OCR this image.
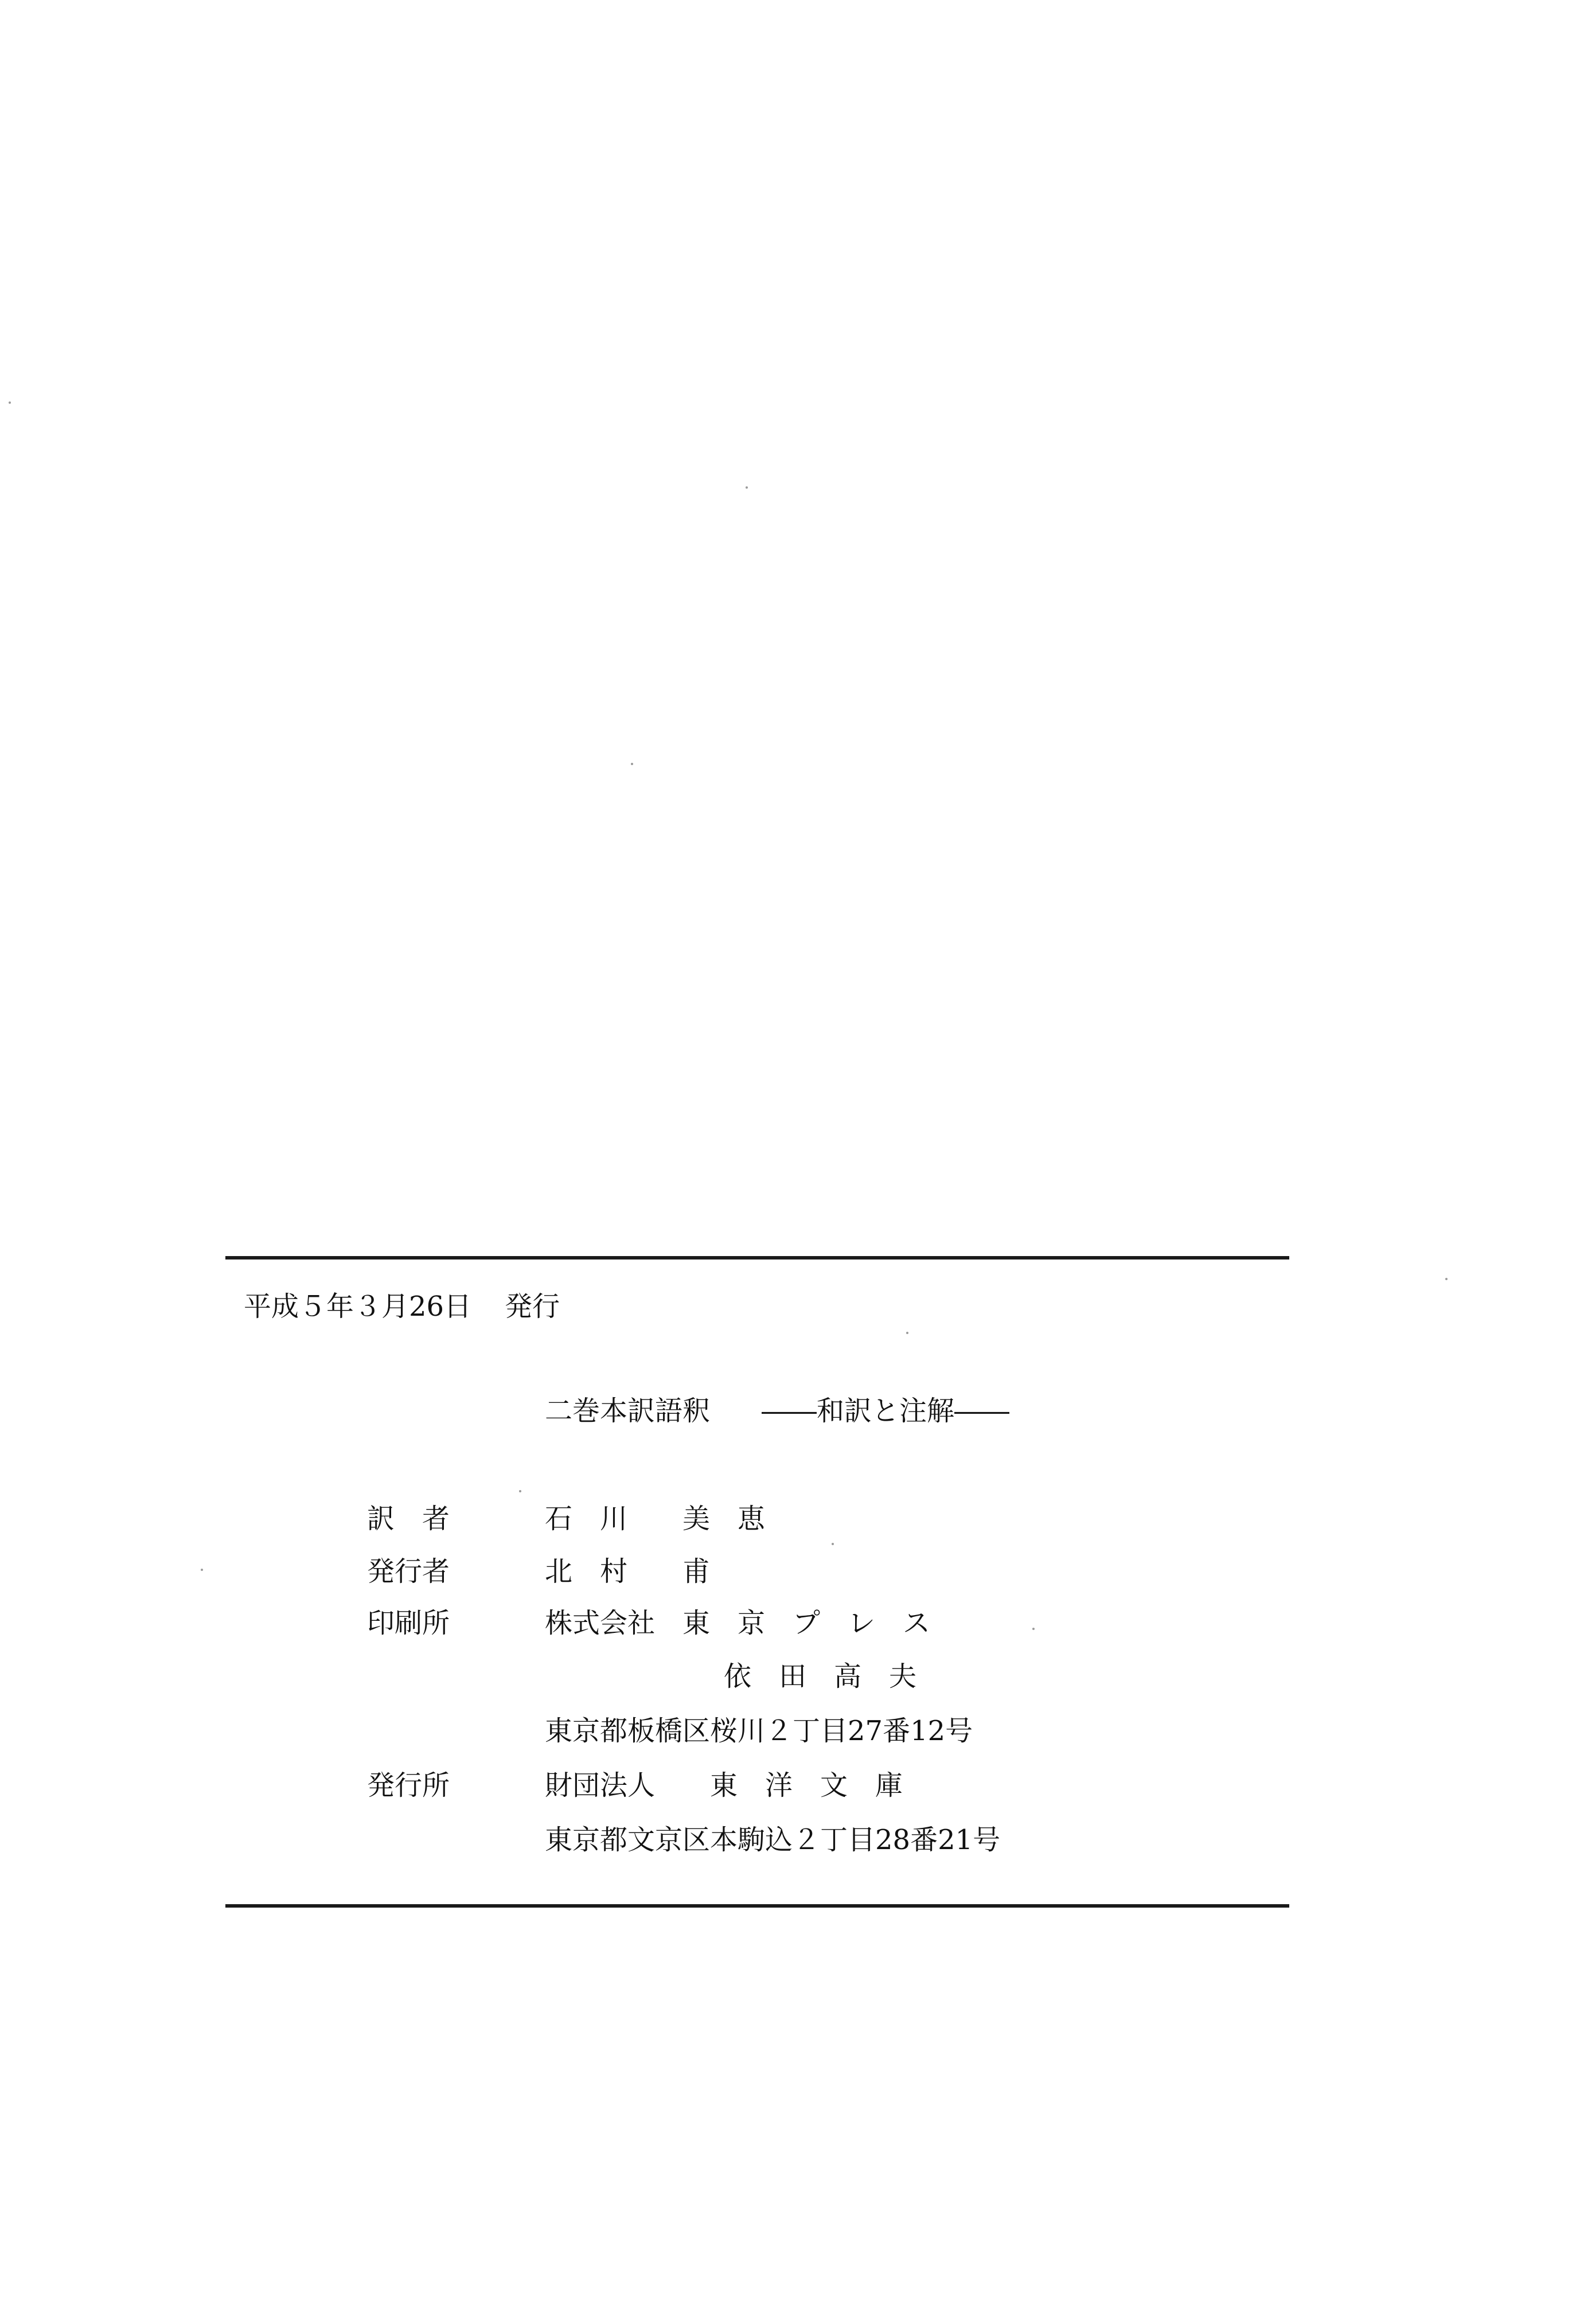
平成５年３月26日 発行
二巻本訳語釈 ――和訳と注解――
訳　者	石　川　　美　恵
発行者	北　村　　甫
印刷所	株式会社　東　京　プ　レ　ス
依　田　高　夫
東京都板橋区桜川２丁目27番12号
発行所	財団法人　　東　洋　文　庫
東京都文京区本駒込２丁目28番21号
